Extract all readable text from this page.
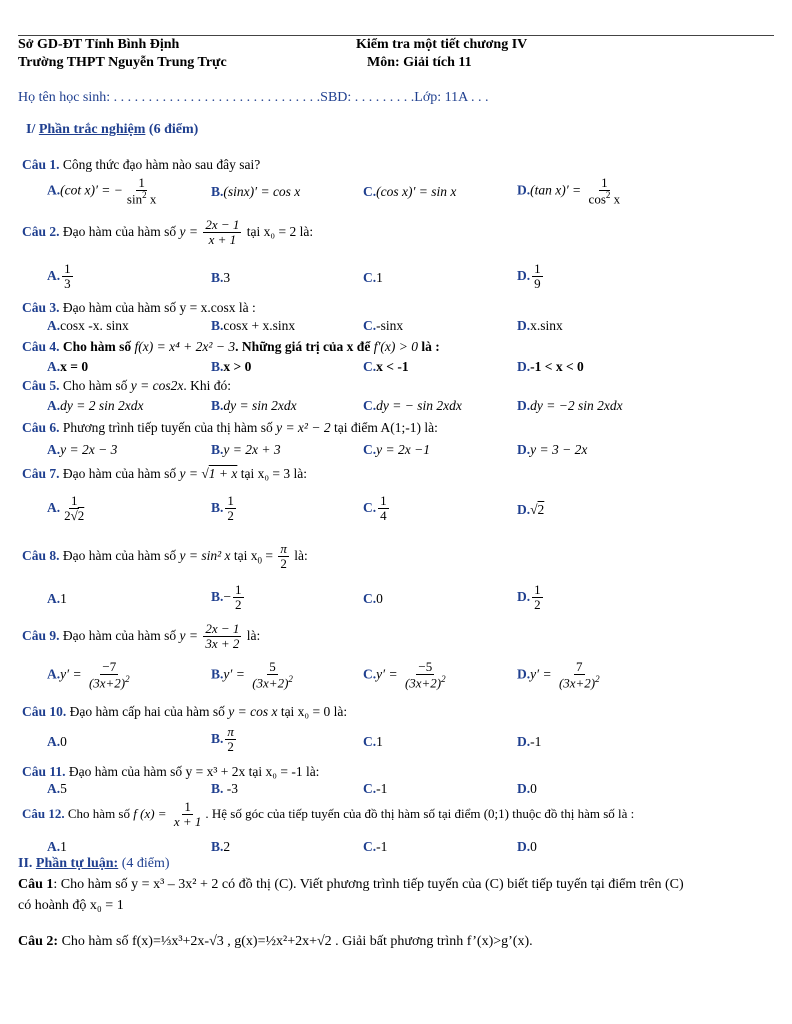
Sở GD-ĐT Tỉnh Bình Định
Trường THPT Nguyễn Trung Trực
Kiểm tra một tiết chương IV
Môn: Giải tích 11
Họ tên học sinh: . . . . . . . . . . . . . . . . . . . . . . . . . . . . . .SBD: . . . . . . . . .Lớp: 11A . . .
I/ Phần trắc nghiệm (6 điểm)
Câu 1. Công thức đạo hàm nào sau đây sai?
A.(cot x)′ = − $\frac{1}{\sin^2 x}$	B.(sinx)′ = cos x	C.(cos x)′ = sin x	D.(tan $x)' = \frac{1}{\cos^2 x}$
Câu 2. Đạo hàm của hàm số $y = \frac{2x - 1}{x + 1}$ tại x₀ = 2 là:
A. $\frac{1}{3}$	B.3	C.1	D. $\frac{1}{9}$
Câu 3. Đạo hàm của hàm số y = x.cosx là :
A.cosx -x. sinx	B.cosx + x.sinx	C.-sinx	D.x.sinx
Câu 4. Cho hàm số f(x) = x⁴ + 2x² − 3. Những giá trị của x để f′(x) > 0 là :
A.x = 0	B.x > 0	C.x < -1	D.-1 < x < 0
Câu 5. Cho hàm số y = cos2x. Khi đó:
A.dy = 2 sin 2xdx	B.dy = sin 2xdx	C.dy = − sin 2xdx	D.dy = −2 sin 2xdx
Câu 6. Phương trình tiếp tuyến của thị hàm số y = x² − 2 tại điểm A(1;-1) là:
A.y = 2x − 3	B.y = 2x + 3	C.y = 2x −1	D.y = 3 − 2x
Câu 7. Đạo hàm của hàm số y = √1 + x tại x₀ = 3 là:
A. $\frac{1}{2√2}$	B. $\frac{1}{2}$	C. $\frac{1}{4}$	D.√2
Câu 8. Đạo hàm của hàm số y = sin² x tại $x_0 = \frac{\pi}{2}$ là:
A.1	$B.- \frac{1}{2}$	C.0	D. $\frac{1}{2}$
Câu 9. Đạo hàm của hàm số $y = \frac{2x - 1}{3x + 2}$ là:
$A.y' = \frac{-7}{(3x+2)^2}$	$B.y' = \frac{5}{(3x+2)^2}$	$C.y' = \frac{-5}{(3x+2)^2}$	$D.y' = \frac{7}{(3x+2)^2}$
Câu 10. Đạo hàm cấp hai của hàm số y = cos x tại x₀ = 0 là:
A.0	B. $\frac{\pi}{2}$	C.1	D.-1
Câu 11. Đạo hàm của hàm số y = x³ + 2x tại x₀ = -1 là:
A.5	B. -3	C.-1	D.0
Câu 12. Cho hàm số f $(x) = \frac{1}{x + 1}$ . Hệ số góc của tiếp tuyến của đồ thị hàm số tại điểm (0;1) thuộc đồ thị hàm số là :
A.1	B.2	C.-1	D.0
II. Phần tự luận: (4 điểm)
Câu 1: Cho hàm số y = x³ – 3x² + 2 có đồ thị (C). Viết phương trình tiếp tuyến của (C) biết tiếp tuyến tại điểm trên (C)
có hoành độ x₀ = 1
Câu 2: Cho hàm số f(x)=⅓x³+2x-√3 , g(x)=½x²+2x+√2 . Giải bất phương trình f’(x)>g’(x).
